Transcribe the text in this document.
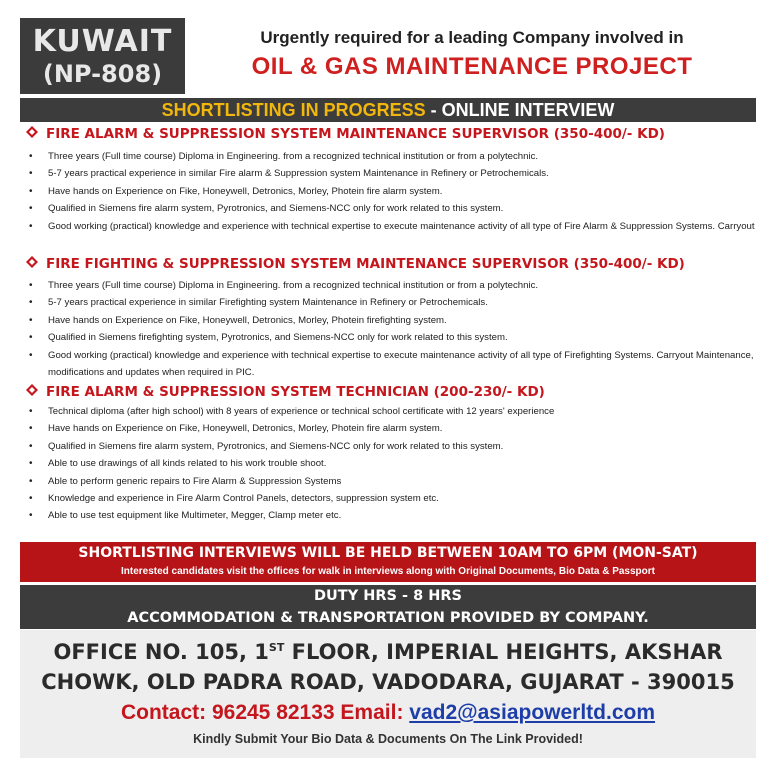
KUWAIT
(NP-808)
Urgently required for a leading Company involved in
OIL & GAS MAINTENANCE PROJECT
SHORTLISTING IN PROGRESS - ONLINE INTERVIEW
FIRE ALARM & SUPPRESSION SYSTEM MAINTENANCE SUPERVISOR (350-400/- KD)
• Three years (Full time course) Diploma in Engineering. from a recognized technical institution or from a polytechnic.
• 5-7 years practical experience in similar Fire alarm & Suppression system Maintenance in Refinery or Petrochemicals.
• Have hands on Experience on Fike, Honeywell, Detronics, Morley, Photein fire alarm system.
• Qualified in Siemens fire alarm system, Pyrotronics, and Siemens-NCC only for work related to this system.
• Good working (practical) knowledge and experience with technical expertise to execute maintenance activity of all type of Fire Alarm & Suppression Systems. Carryout
FIRE FIGHTING & SUPPRESSION SYSTEM MAINTENANCE SUPERVISOR (350-400/- KD)
• Three years (Full time course) Diploma in Engineering. from a recognized technical institution or from a polytechnic.
• 5-7 years practical experience in similar Firefighting system Maintenance in Refinery or Petrochemicals.
• Have hands on Experience on Fike, Honeywell, Detronics, Morley, Photein firefighting system.
• Qualified in Siemens firefighting system, Pyrotronics, and Siemens-NCC only for work related to this system.
• Good working (practical) knowledge and experience with technical expertise to execute maintenance activity of all type of Firefighting Systems. Carryout Maintenance, modifications and updates when required in PIC.
FIRE ALARM & SUPPRESSION SYSTEM TECHNICIAN (200-230/- KD)
• Technical diploma (after high school) with 8 years of experience or technical school certificate with 12 years' experience
• Have hands on Experience on Fike, Honeywell, Detronics, Morley, Photein fire alarm system.
• Qualified in Siemens fire alarm system, Pyrotronics, and Siemens-NCC only for work related to this system.
• Able to use drawings of all kinds related to his work trouble shoot.
• Able to perform generic repairs to Fire Alarm & Suppression Systems
• Knowledge and experience in Fire Alarm Control Panels, detectors, suppression system etc.
• Able to use test equipment like Multimeter, Megger, Clamp meter etc.
SHORTLISTING INTERVIEWS WILL BE HELD BETWEEN 10AM TO 6PM (MON-SAT)
Interested candidates visit the offices for walk in interviews along with Original Documents, Bio Data & Passport
DUTY HRS - 8 HRS
ACCOMMODATION & TRANSPORTATION PROVIDED BY COMPANY.
OFFICE NO. 105, 1ST FLOOR, IMPERIAL HEIGHTS, AKSHAR
CHOWK, OLD PADRA ROAD, VADODARA, GUJARAT - 390015
Contact: 96245 82133 Email: vad2@asiapowerltd.com
Kindly Submit Your Bio Data & Documents On The Link Provided!
